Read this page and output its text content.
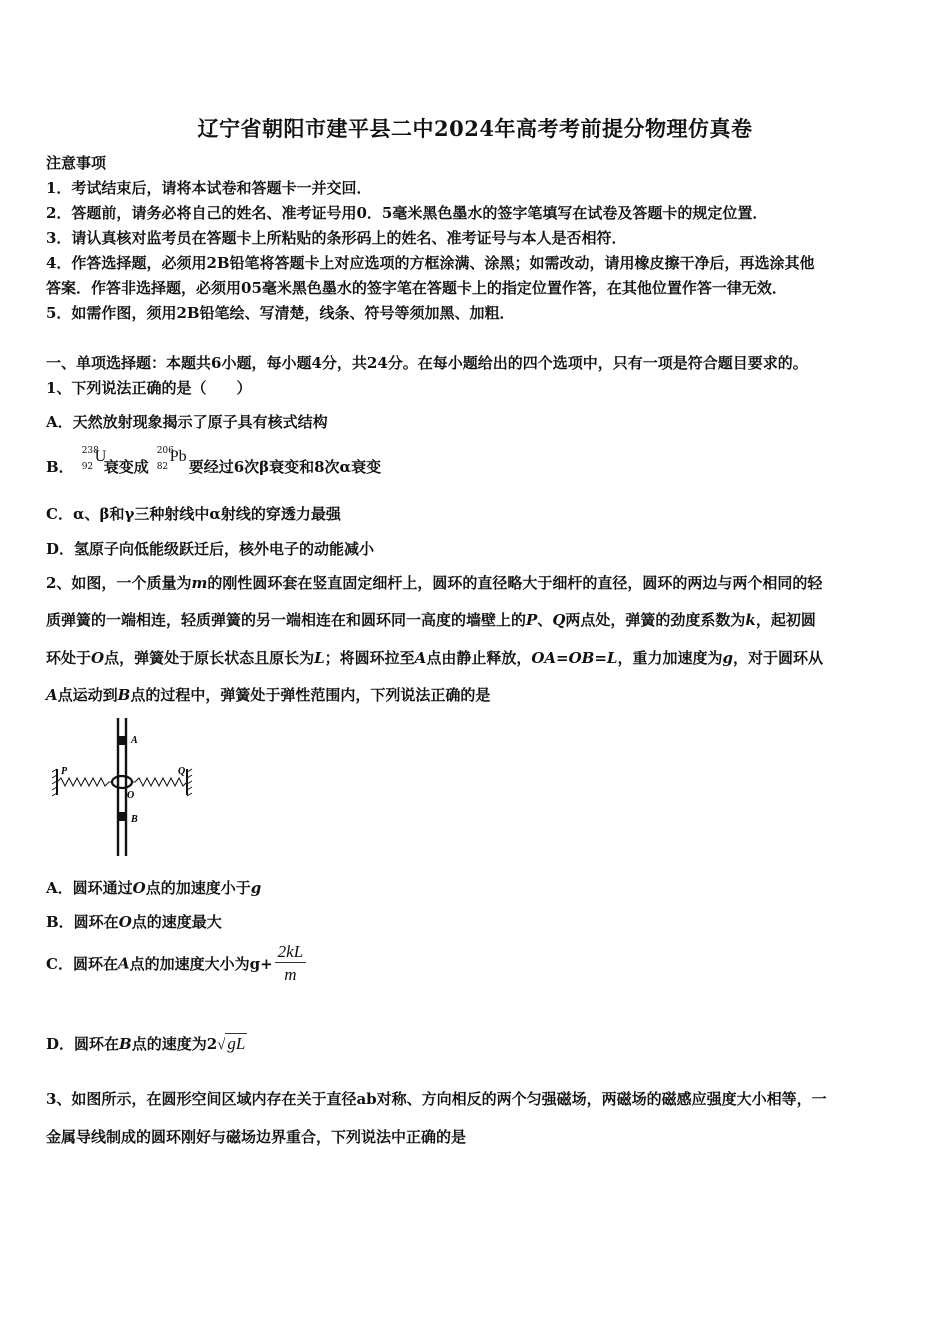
辽宁省朝阳市建平县二中2024年高考考前提分物理仿真卷
注意事项
1．考试结束后，请将本试卷和答题卡一并交回．
2．答题前，请务必将自己的姓名、准考证号用0．5毫米黑色墨水的签字笔填写在试卷及答题卡的规定位置．
3．请认真核对监考员在答题卡上所粘贴的条形码上的姓名、准考证号与本人是否相符．
4．作答选择题，必须用2B铅笔将答题卡上对应选项的方框涂满、涂黑；如需改动，请用橡皮擦干净后，再选涂其他
答案．作答非选择题，必须用05毫米黑色墨水的签字笔在答题卡上的指定位置作答，在其他位置作答一律无效．
5．如需作图，须用2B铅笔绘、写清楚，线条、符号等须加黑、加粗．
一、单项选择题：本题共6小题，每小题4分，共24分。在每小题给出的四个选项中，只有一项是符合题目要求的。
1、下列说法正确的是（　　）
A．天然放射现象揭示了原子具有核式结构
B．
238
92
U
衰变成
206
82
Pb
要经过6次β衰变和8次α衰变
C．α、β和γ三种射线中α射线的穿透力最强
D．氢原子向低能级跃迁后，核外电子的动能减小
2、如图，一个质量为m的刚性圆环套在竖直固定细杆上，圆环的直径略大于细杆的直径，圆环的两边与两个相同的轻
质弹簧的一端相连，轻质弹簧的另一端相连在和圆环同一高度的墙壁上的P、Q两点处，弹簧的劲度系数为k，起初圆
环处于O点，弹簧处于原长状态且原长为L；将圆环拉至A点由静止释放，OA=OB=L，重力加速度为g，对于圆环从
A点运动到B点的过程中，弹簧处于弹性范围内，下列说法正确的是
A
P	Q
O
B
A．圆环通过O点的加速度小于g
B．圆环在O点的速度最大
C．圆环在A点的加速度大小为$g+ \frac{2kL}{m}$
D．圆环在B点的速度为2√ gL
3、如图所示，在圆形空间区域内存在关于直径ab对称、方向相反的两个匀强磁场，两磁场的磁感应强度大小相等，一
金属导线制成的圆环刚好与磁场边界重合，下列说法中正确的是
